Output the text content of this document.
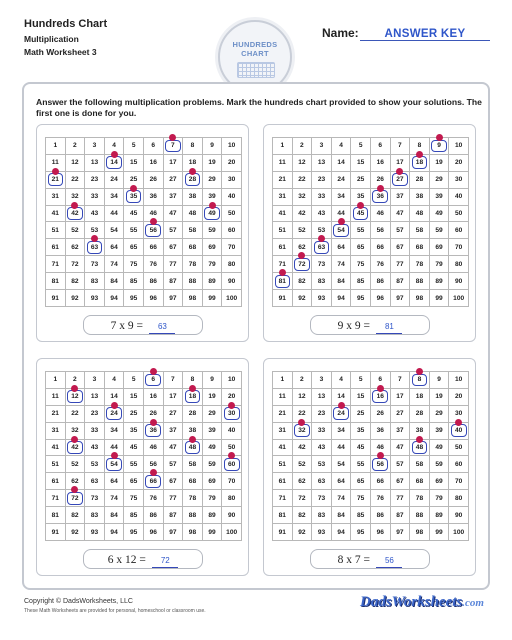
Hundreds Chart
Multiplication
Math Worksheet 3
HUNDREDS
CHART
Name:	ANSWER KEY
Answer the following multiplication problems. Mark the hundreds chart provided to show your solutions. The first one is done for you.
1	2	3	4	5	6	7	8	9	10
11	12	13	14	15	16	17	18	19	20
21	22	23	24	25	26	27	28	29	30
31	32	33	34	35	36	37	38	39	40
41	42	43	44	45	46	47	48	49	50
51	52	53	54	55	56	57	58	59	60
61	62	63	64	65	66	67	68	69	70
71	72	73	74	75	76	77	78	79	80
81	82	83	84	85	86	87	88	89	90
91	92	93	94	95	96	97	98	99	100
7 x 9 = 63
1	2	3	4	5	6	7	8	9	10
11	12	13	14	15	16	17	18	19	20
21	22	23	24	25	26	27	28	29	30
31	32	33	34	35	36	37	38	39	40
41	42	43	44	45	46	47	48	49	50
51	52	53	54	55	56	57	58	59	60
61	62	63	64	65	66	67	68	69	70
71	72	73	74	75	76	77	78	79	80
81	82	83	84	85	86	87	88	89	90
91	92	93	94	95	96	97	98	99	100
9 x 9 = 81
1	2	3	4	5	6	7	8	9	10
11	12	13	14	15	16	17	18	19	20
21	22	23	24	25	26	27	28	29	30
31	32	33	34	35	36	37	38	39	40
41	42	43	44	45	46	47	48	49	50
51	52	53	54	55	56	57	58	59	60
61	62	63	64	65	66	67	68	69	70
71	72	73	74	75	76	77	78	79	80
81	82	83	84	85	86	87	88	89	90
91	92	93	94	95	96	97	98	99	100
6 x 12 = 72
1	2	3	4	5	6	7	8	9	10
11	12	13	14	15	16	17	18	19	20
21	22	23	24	25	26	27	28	29	30
31	32	33	34	35	36	37	38	39	40
41	42	43	44	45	46	47	48	49	50
51	52	53	54	55	56	57	58	59	60
61	62	63	64	65	66	67	68	69	70
71	72	73	74	75	76	77	78	79	80
81	82	83	84	85	86	87	88	89	90
91	92	93	94	95	96	97	98	99	100
8 x 7 = 56
Copyright © DadsWorksheets, LLC
These Math Worksheets are provided for personal, homeschool or classroom use.
DadsWorksheets.com
